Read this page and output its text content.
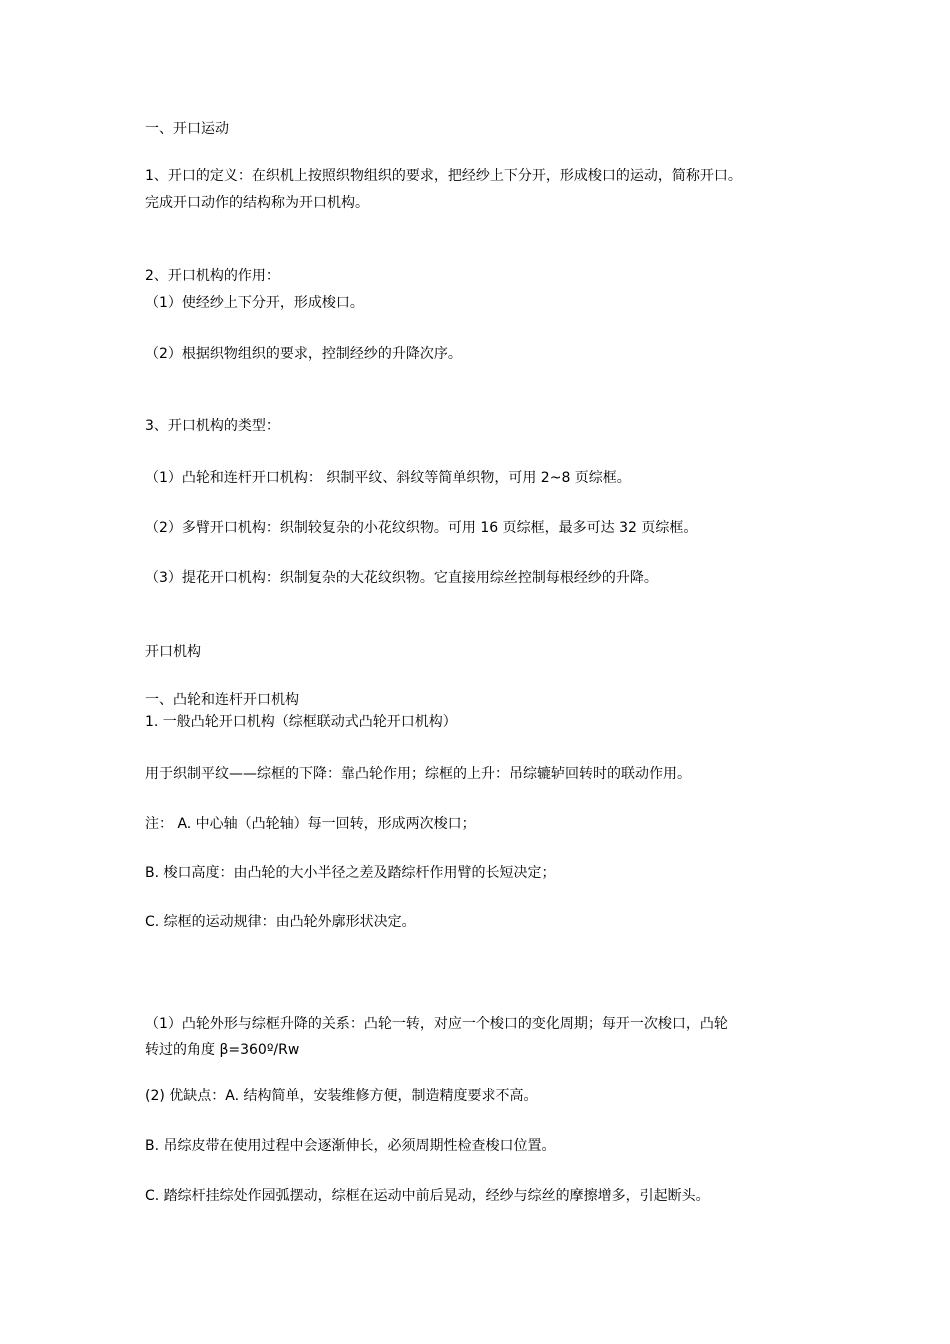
一、开口运动

1、开口的定义：在织机上按照织物组织的要求，把经纱上下分开，形成梭口的运动，简称开口。

完成开口动作的结构称为开口机构。

2、开口机构的作用：

（1）使经纱上下分开，形成梭口。

（2）根据织物组织的要求，控制经纱的升降次序。

3、开口机构的类型：

（1）凸轮和连杆开口机构： 织制平纹、斜纹等简单织物，可用 2~8 页综框。

（2）多臂开口机构：织制较复杂的小花纹织物。可用 16 页综框，最多可达 32 页综框。

（3）提花开口机构：织制复杂的大花纹织物。它直接用综丝控制每根经纱的升降。

开口机构

一、凸轮和连杆开口机构

1. 一般凸轮开口机构（综框联动式凸轮开口机构）

用于织制平纹——综框的下降：靠凸轮作用；综框的上升：吊综辘轳回转时的联动作用。

注： A. 中心轴（凸轮轴）每一回转，形成两次梭口；

B. 梭口高度：由凸轮的大小半径之差及踏综杆作用臂的长短决定；

C. 综框的运动规律：由凸轮外廓形状决定。

（1）凸轮外形与综框升降的关系：凸轮一转，对应一个梭口的变化周期；每开一次梭口，凸轮

转过的角度 β=360º/Rw

(2) 优缺点：A. 结构简单，安装维修方便，制造精度要求不高。

B. 吊综皮带在使用过程中会逐渐伸长，必须周期性检查梭口位置。

C. 踏综杆挂综处作园弧摆动，综框在运动中前后晃动，经纱与综丝的摩擦增多，引起断头。
